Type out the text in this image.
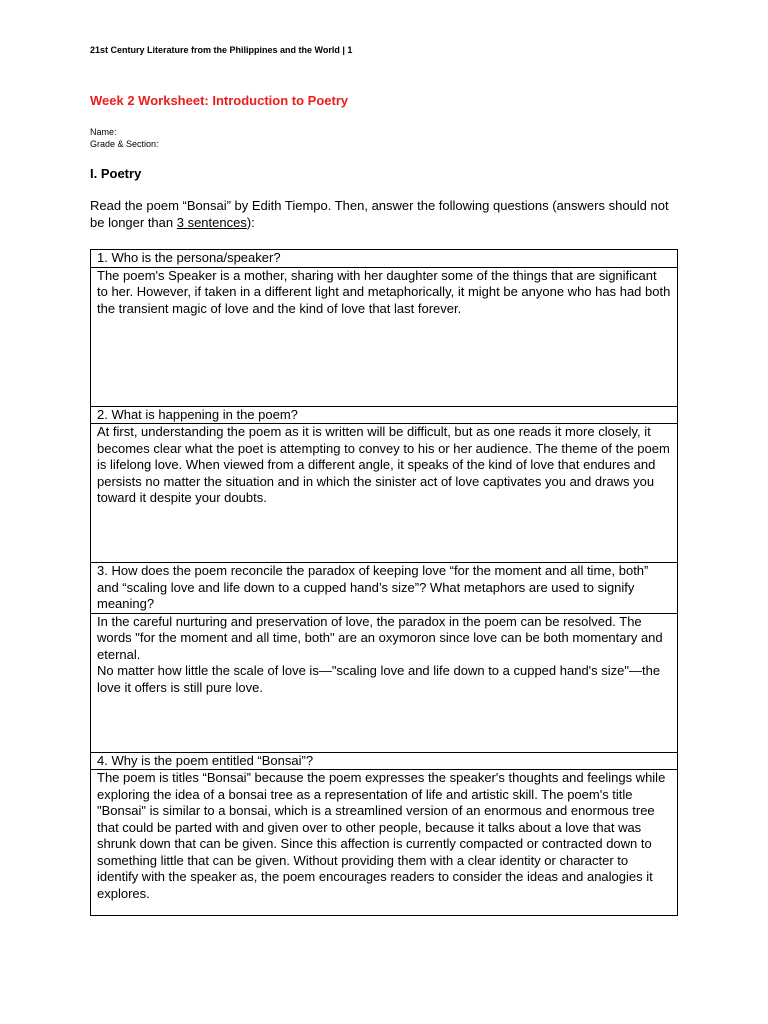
21st Century Literature from the Philippines and the World | 1
Week 2 Worksheet: Introduction to Poetry
Name:
Grade & Section:
I. Poetry
Read the poem “Bonsai” by Edith Tiempo. Then, answer the following questions (answers should not be longer than 3 sentences):
1. Who is the persona/speaker?

The poem's Speaker is a mother, sharing with her daughter some of the things that are significant to her. However, if taken in a different light and metaphorically, it might be anyone who has had both the transient magic of love and the kind of love that last forever.

2. What is happening in the poem?

At first, understanding the poem as it is written will be difficult, but as one reads it more closely, it becomes clear what the poet is attempting to convey to his or her audience. The theme of the poem is lifelong love. When viewed from a different angle, it speaks of the kind of love that endures and persists no matter the situation and in which the sinister act of love captivates you and draws you toward it despite your doubts.

3. How does the poem reconcile the paradox of keeping love “for the moment and all time, both” and “scaling love and life down to a cupped hand’s size”? What metaphors are used to signify meaning?

In the careful nurturing and preservation of love, the paradox in the poem can be resolved. The words "for the moment and all time, both" are an oxymoron since love can be both momentary and eternal.

No matter how little the scale of love is—"scaling love and life down to a cupped hand's size"—the love it offers is still pure love.

4. Why is the poem entitled “Bonsai”?

The poem is titles “Bonsai” because the poem expresses the speaker's thoughts and feelings while exploring the idea of a bonsai tree as a representation of life and artistic skill. The poem's title

"Bonsai" is similar to a bonsai, which is a streamlined version of an enormous and enormous tree that could be parted with and given over to other people, because it talks about a love that was shrunk down that can be given. Since this affection is currently compacted or contracted down to something little that can be given. Without providing them with a clear identity or character to identify with the speaker as, the poem encourages readers to consider the ideas and analogies it explores.
